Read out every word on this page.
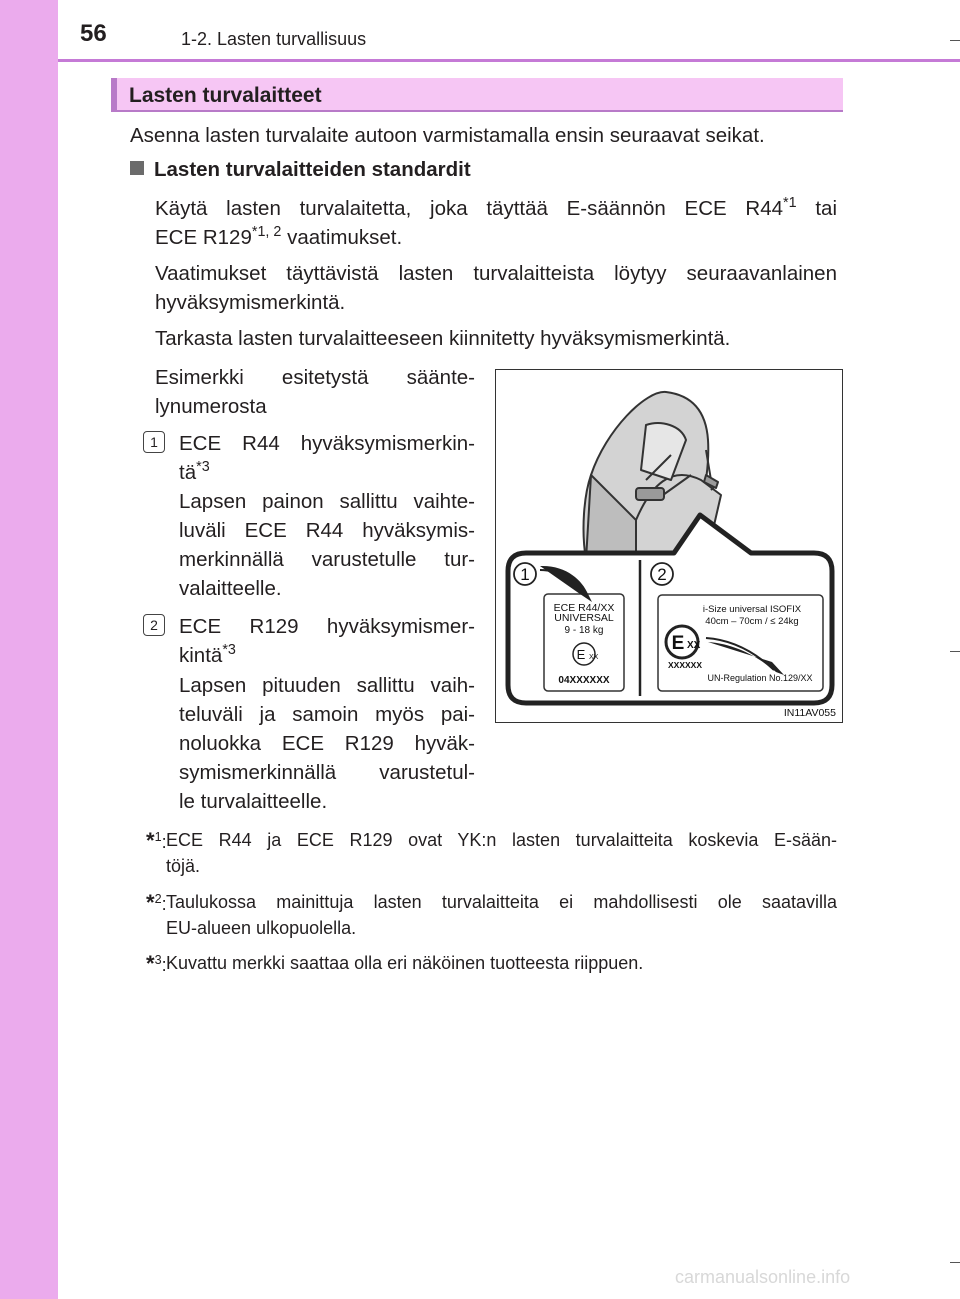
56	1-2. Lasten turvallisuus
Lasten turvalaitteet

Asenna lasten turvalaite autoon varmistamalla ensin seuraavat seikat.

Lasten turvalaitteiden standardit

Käytä lasten turvalaitetta, joka täyttää E-säännön ECE R44$^{*1}$ tai

ECE R129$^{*1, 2}$ vaatimukset.

Vaatimukset täyttävistä lasten turvalaitteista löytyy seuraavanlainen

hyväksymismerkintä.

Tarkasta lasten turvalaitteeseen kiinnitetty hyväksymismerkintä.

Esimerkki esitetystä säänte-

lynumerosta

1	ECE R44 hyväksymismerkin-

$tä^{*3}$

Lapsen painon sallittu vaihte-

luväli ECE R44 hyväksymis-

merkinnällä varustetulle tur-

valaitteelle.

2	ECE R129 hyväksymismer-

kintä$^{*3}$

Lapsen pituuden sallittu vaih-

teluväli ja samoin myös pai-

noluokka ECE R129 hyväk-

symismerkinnällä varustetul-

le turvalaitteelle.

1	2
ECE R44/XX
UNIVERSAL
9 - 18 kg
E XX
04XXXXXX
i-Size universal ISOFIX
40cm – 70cm / ≤ 24kg
E XX
XXXXXX
UN-Regulation No.129/XX
IN11AV055
*$^1$: ECE R44 ja ECE R129 ovat YK:n lasten turvalaitteita koskevia E-sään-
töjä.
*$^2$: Taulukossa mainittuja lasten turvalaitteita ei mahdollisesti ole saatavilla
EU-alueen ulkopuolella.
*$^3$: Kuvattu merkki saattaa olla eri näköinen tuotteesta riippuen.
carmanualsonline.info
